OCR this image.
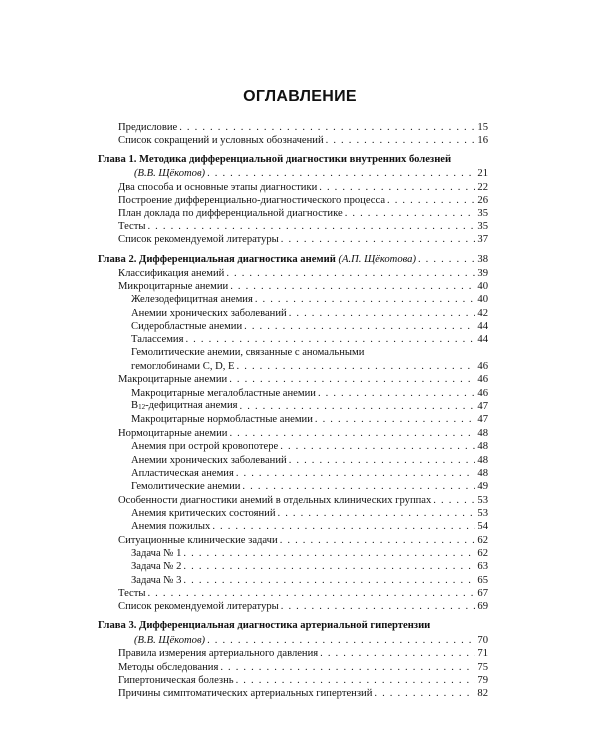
ОГЛАВЛЕНИЕ
Предисловие . . .	15
Список сокращений и условных обозначений . . .	16
Глава 1. Методика дифференциальной диагностики внутренних болезней
(В.В. Щёкотов) . . .	21
Два способа и основные этапы диагностики . . .	22
Построение дифференциально-диагностического процесса . . .	26
План доклада по дифференциальной диагностике . . .	35
Тесты . . .	35
Список рекомендуемой литературы . . .	37
Глава 2. Дифференциальная диагностика анемий (А.П. Щёкотова) . . .	38
Классификация анемий . . .	39
Микроцитарные анемии . . .	40
Железодефицитная анемия . . .	40
Анемии хронических заболеваний . . .	42
Сидеробластные анемии . . .	44
Талассемия . . .	44
Гемолитические анемии, связанные с аномальными
гемоглобинами C, D, E . . .	46
Макроцитарные анемии . . .	46
Макроцитарные мегалобластные анемии . . .	46
$B_{12}$-дефицитная анемия . . .	47
Макроцитарные нормобластные анемии . . .	47
Нормоцитарные анемии . . .	48
Анемия при острой кровопотере . . .	48
Анемии хронических заболеваний . . .	48
Апластическая анемия . . .	48
Гемолитические анемии . . .	49
Особенности диагностики анемий в отдельных клинических группах . . .	53
Анемия критических состояний . . .	53
Анемия пожилых . . .	54
Ситуационные клинические задачи . . .	62
Задача № 1 . . .	62
Задача № 2 . . .	63
Задача № 3 . . .	65
Тесты . . .	67
Список рекомендуемой литературы . . .	69
Глава 3. Дифференциальная диагностика артериальной гипертензии
(В.В. Щёкотов) . . .	70
Правила измерения артериального давления . . .	71
Методы обследования . . .	75
Гипертоническая болезнь . . .	79
Причины симптоматических артериальных гипертензий . . .	82
